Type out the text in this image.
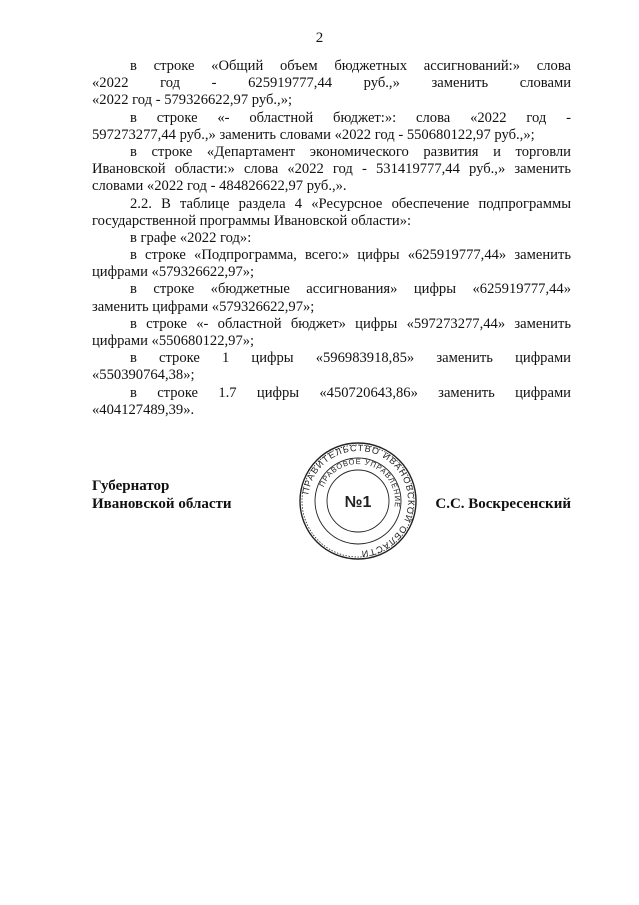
2
в строке «Общий объем бюджетных ассигнований:» слова
«2022 год - 625919777,44 руб.,» заменить словами
«2022 год - 579326622,97 руб.,»;
в строке «- областной бюджет:»: слова «2022 год -
597273277,44 руб.,» заменить словами «2022 год - 550680122,97 руб.,»;
в строке «Департамент экономического развития и торговли
Ивановской области:» слова «2022 год - 531419777,44 руб.,» заменить
словами «2022 год - 484826622,97 руб.,».
2.2. В таблице раздела 4 «Ресурсное обеспечение подпрограммы
государственной программы Ивановской области»:
в графе «2022 год»:
в строке «Подпрограмма, всего:» цифры «625919777,44» заменить
цифрами «579326622,97»;
в строке «бюджетные ассигнования» цифры «625919777,44»
заменить цифрами «579326622,97»;
в строке «- областной бюджет» цифры «597273277,44» заменить
цифрами «550680122,97»;
в строке 1 цифры «596983918,85» заменить цифрами
«550390764,38»;
в строке 1.7 цифры «450720643,86» заменить цифрами
«404127489,39».
Губернатор
Ивановской области
ПРАВИТЕЛЬСТВО ИВАНОВСКОЙ ОБЛАСТИ
ПРАВОВОЕ УПРАВЛЕНИЕ
№1	С.С. Воскресенский
